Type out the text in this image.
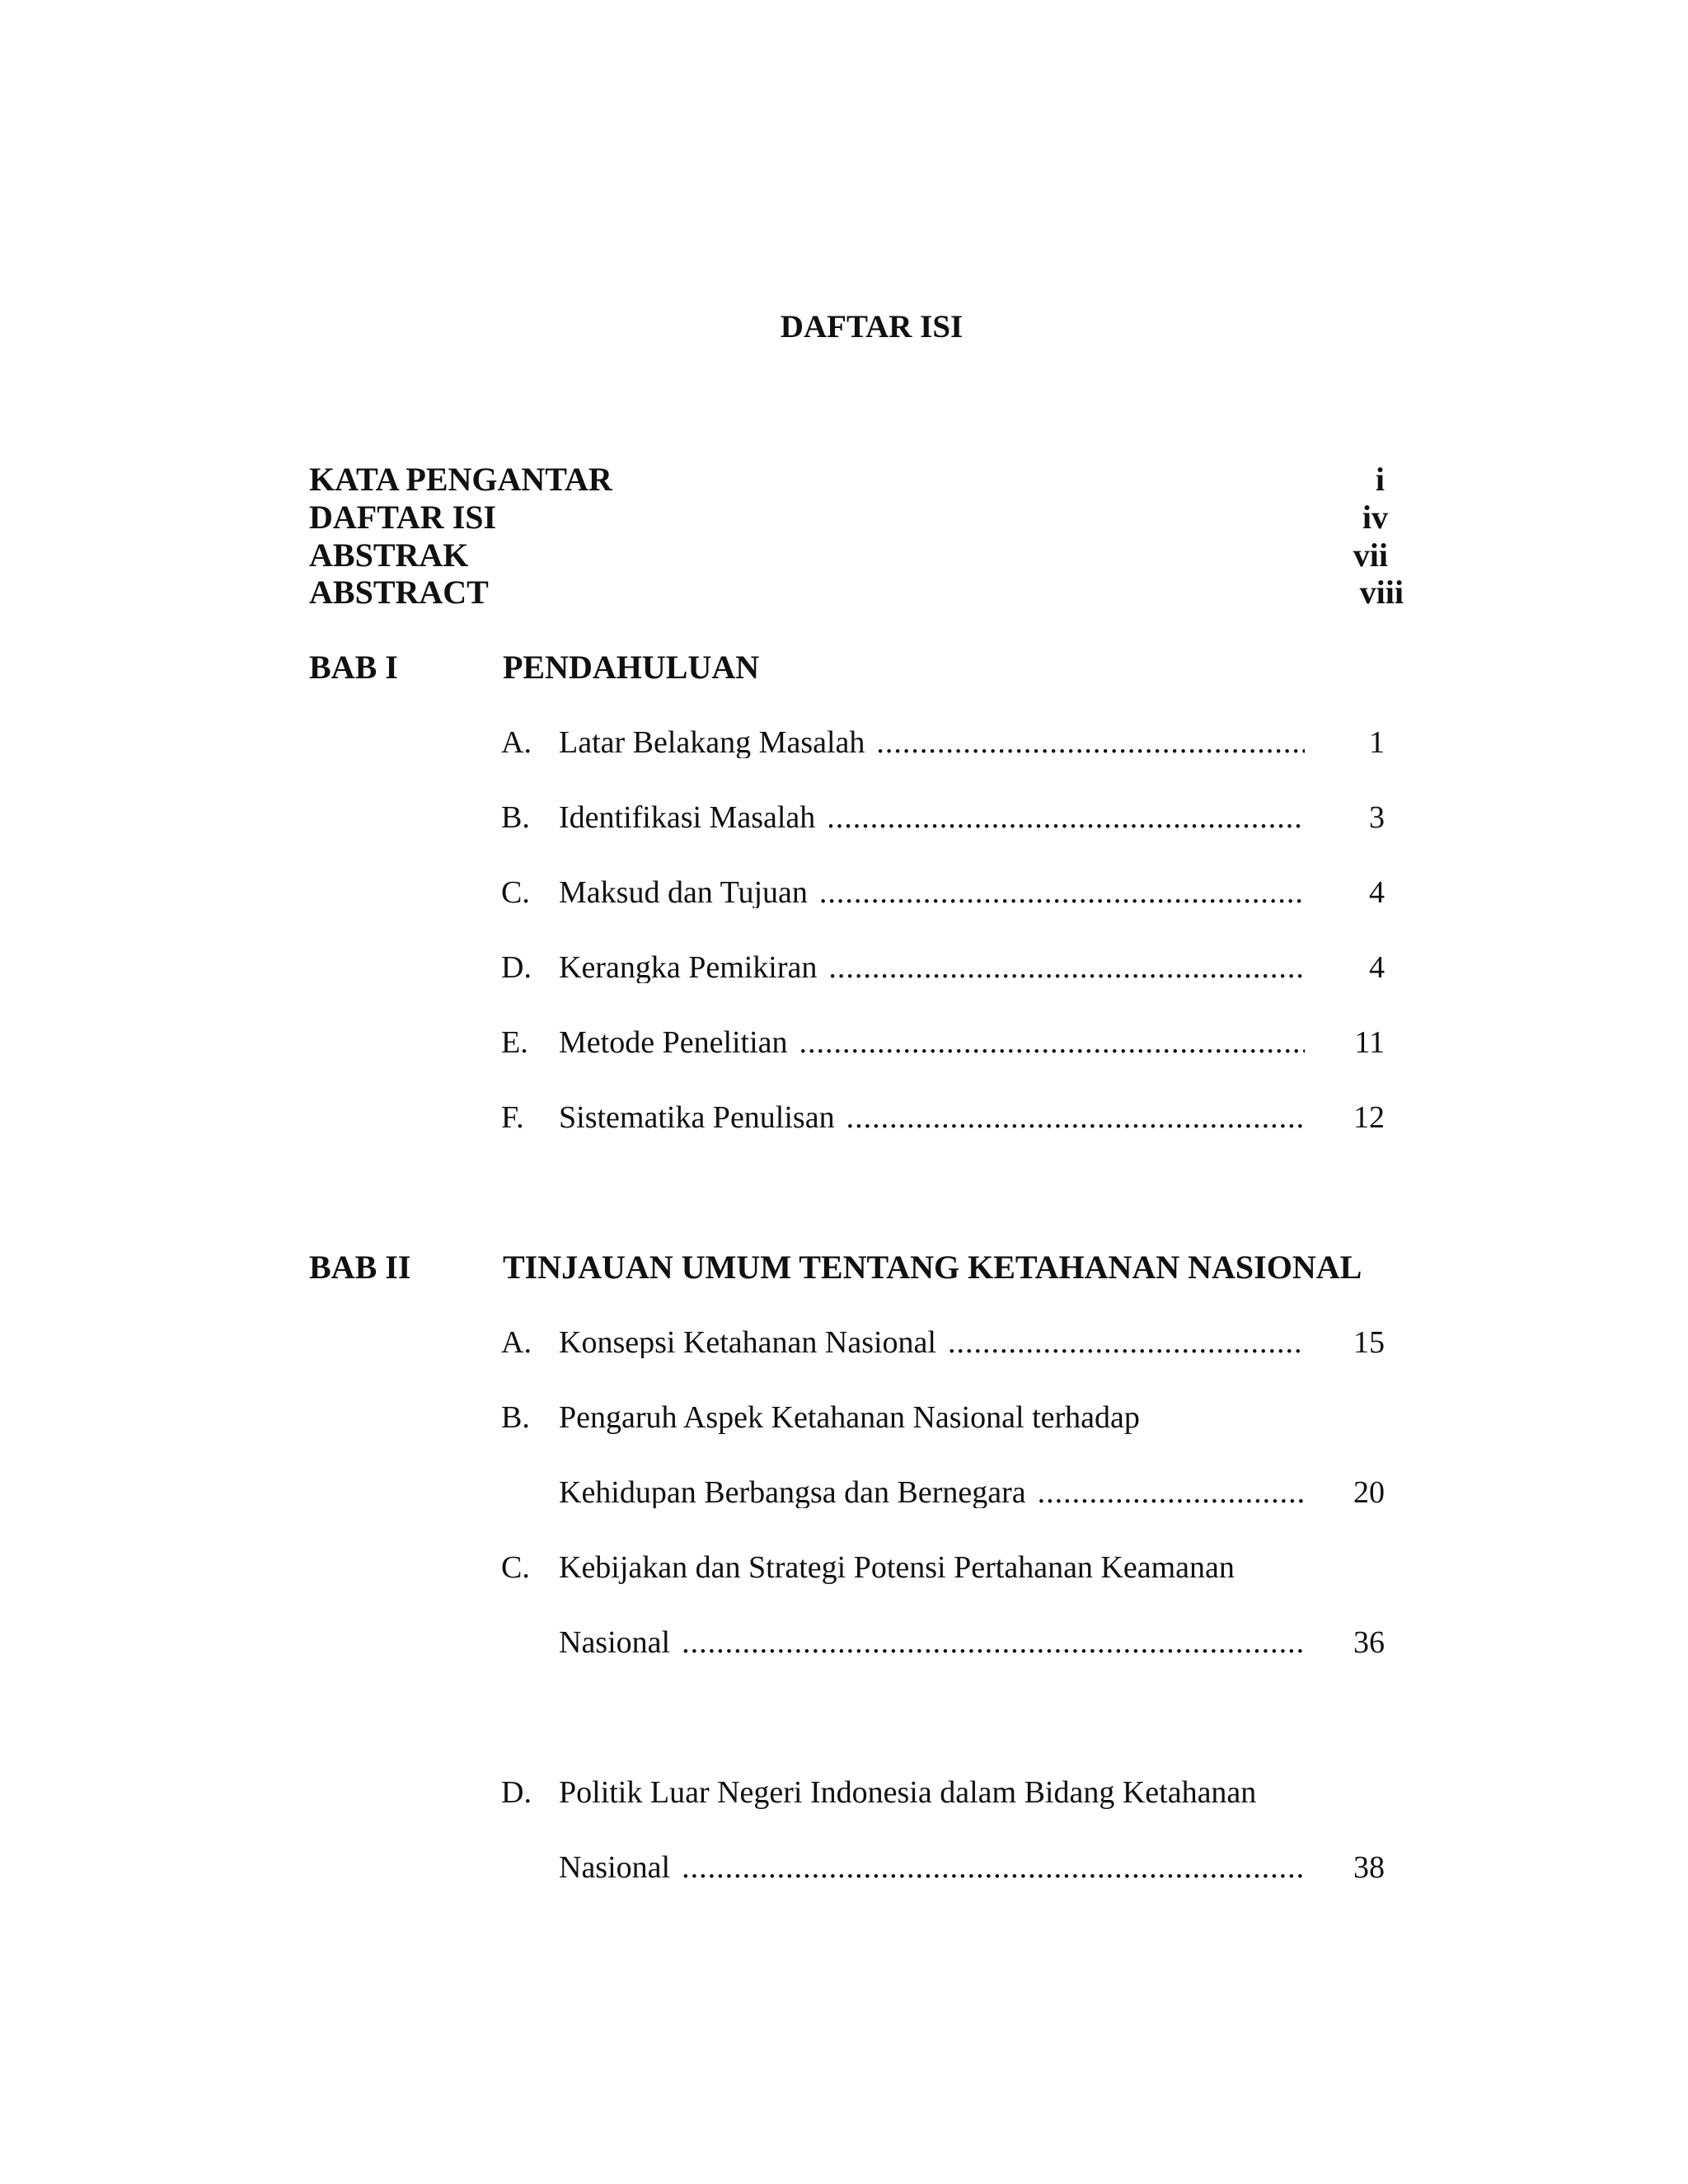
DAFTAR ISI
KATA PENGANTAR	i
DAFTAR ISI	iv
ABSTRAK	vii
ABSTRACT	viii
BAB I	PENDAHULUAN
A. Latar Belakang Masalah .....	1
B. Identifikasi Masalah .....	3
C. Maksud dan Tujuan .....	4
D. Kerangka Pemikiran .....	4
E. Metode Penelitian .....	11
F. Sistematika Penulisan .....	12
BAB II	TINJAUAN UMUM TENTANG KETAHANAN NASIONAL
A. Konsepsi Ketahanan Nasional .....	15
B. Pengaruh Aspek Ketahanan Nasional terhadap
Kehidupan Berbangsa dan Bernegara .....	20
C. Kebijakan dan Strategi Potensi Pertahanan Keamanan
Nasional .....	36
D. Politik Luar Negeri Indonesia dalam Bidang Ketahanan
Nasional .....	38
